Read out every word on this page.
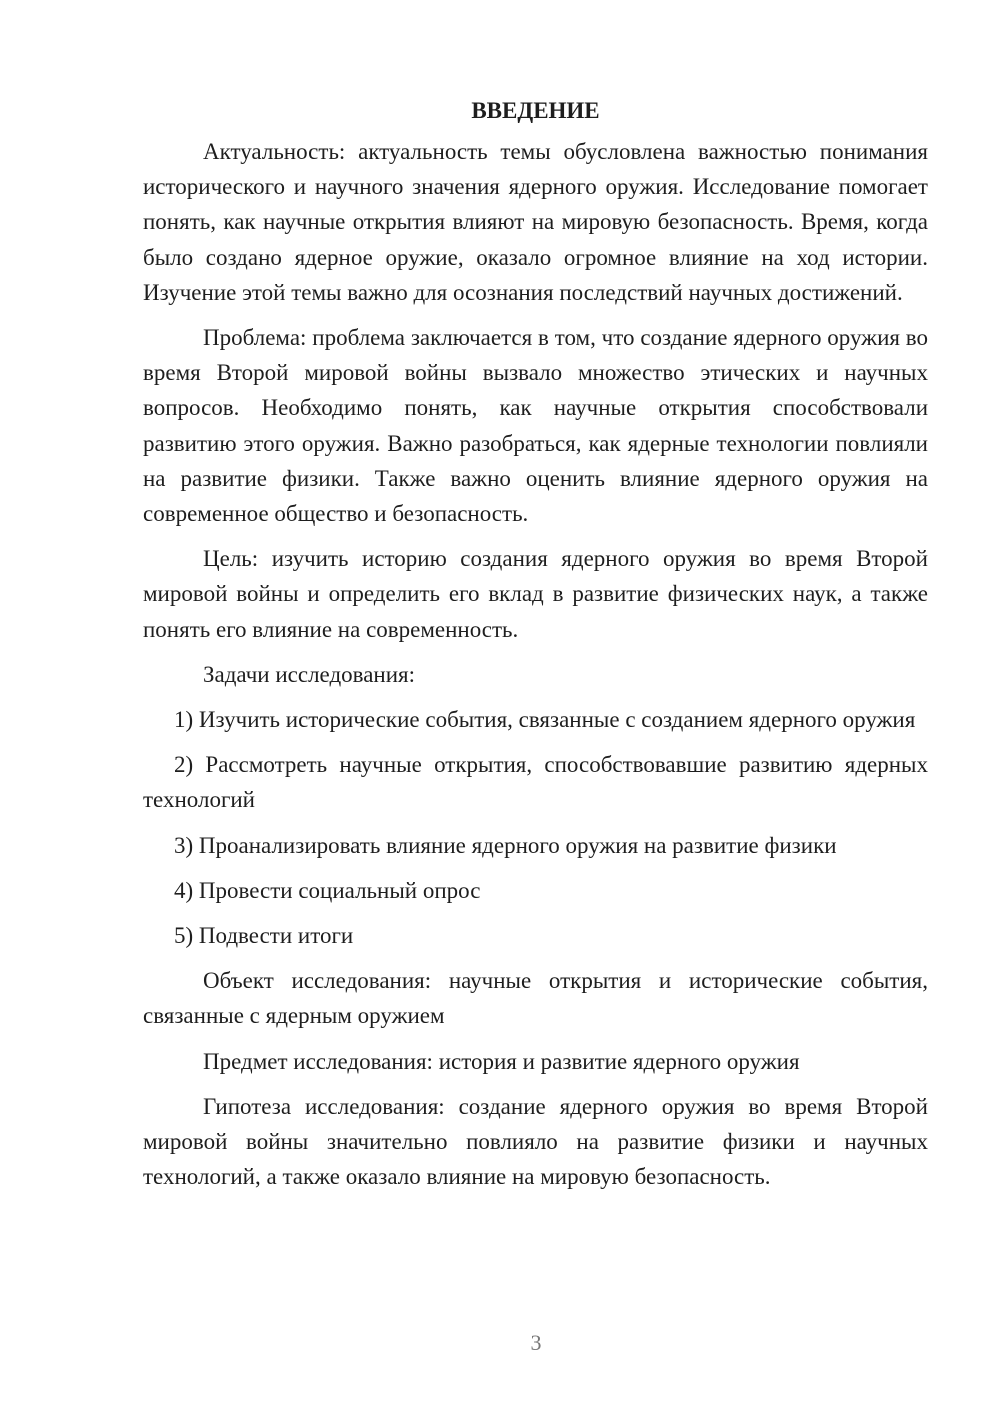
ВВЕДЕНИЕ

Актуальность: актуальность темы обусловлена важностью понимания исторического и научного значения ядерного оружия. Исследование помогает понять, как научные открытия влияют на мировую безопасность. Время, когда было создано ядерное оружие, оказало огромное влияние на ход истории. Изучение этой темы важно для осознания последствий научных достижений.

Проблема: проблема заключается в том, что создание ядерного оружия во время Второй мировой войны вызвало множество этических и научных вопросов. Необходимо понять, как научные открытия способствовали развитию этого оружия. Важно разобраться, как ядерные технологии повлияли на развитие физики. Также важно оценить влияние ядерного оружия на современное общество и безопасность.

Цель: изучить историю создания ядерного оружия во время Второй мировой войны и определить его вклад в развитие физических наук, а также понять его влияние на современность.

Задачи исследования:

1) Изучить исторические события, связанные с созданием ядерного оружия

2) Рассмотреть научные открытия, способствовавшие развитию ядерных технологий

3) Проанализировать влияние ядерного оружия на развитие физики

4) Провести социальный опрос

5) Подвести итоги

Объект исследования: научные открытия и исторические события, связанные с ядерным оружием

Предмет исследования: история и развитие ядерного оружия

Гипотеза исследования: создание ядерного оружия во время Второй мировой войны значительно повлияло на развитие физики и научных технологий, а также оказало влияние на мировую безопасность.

3
